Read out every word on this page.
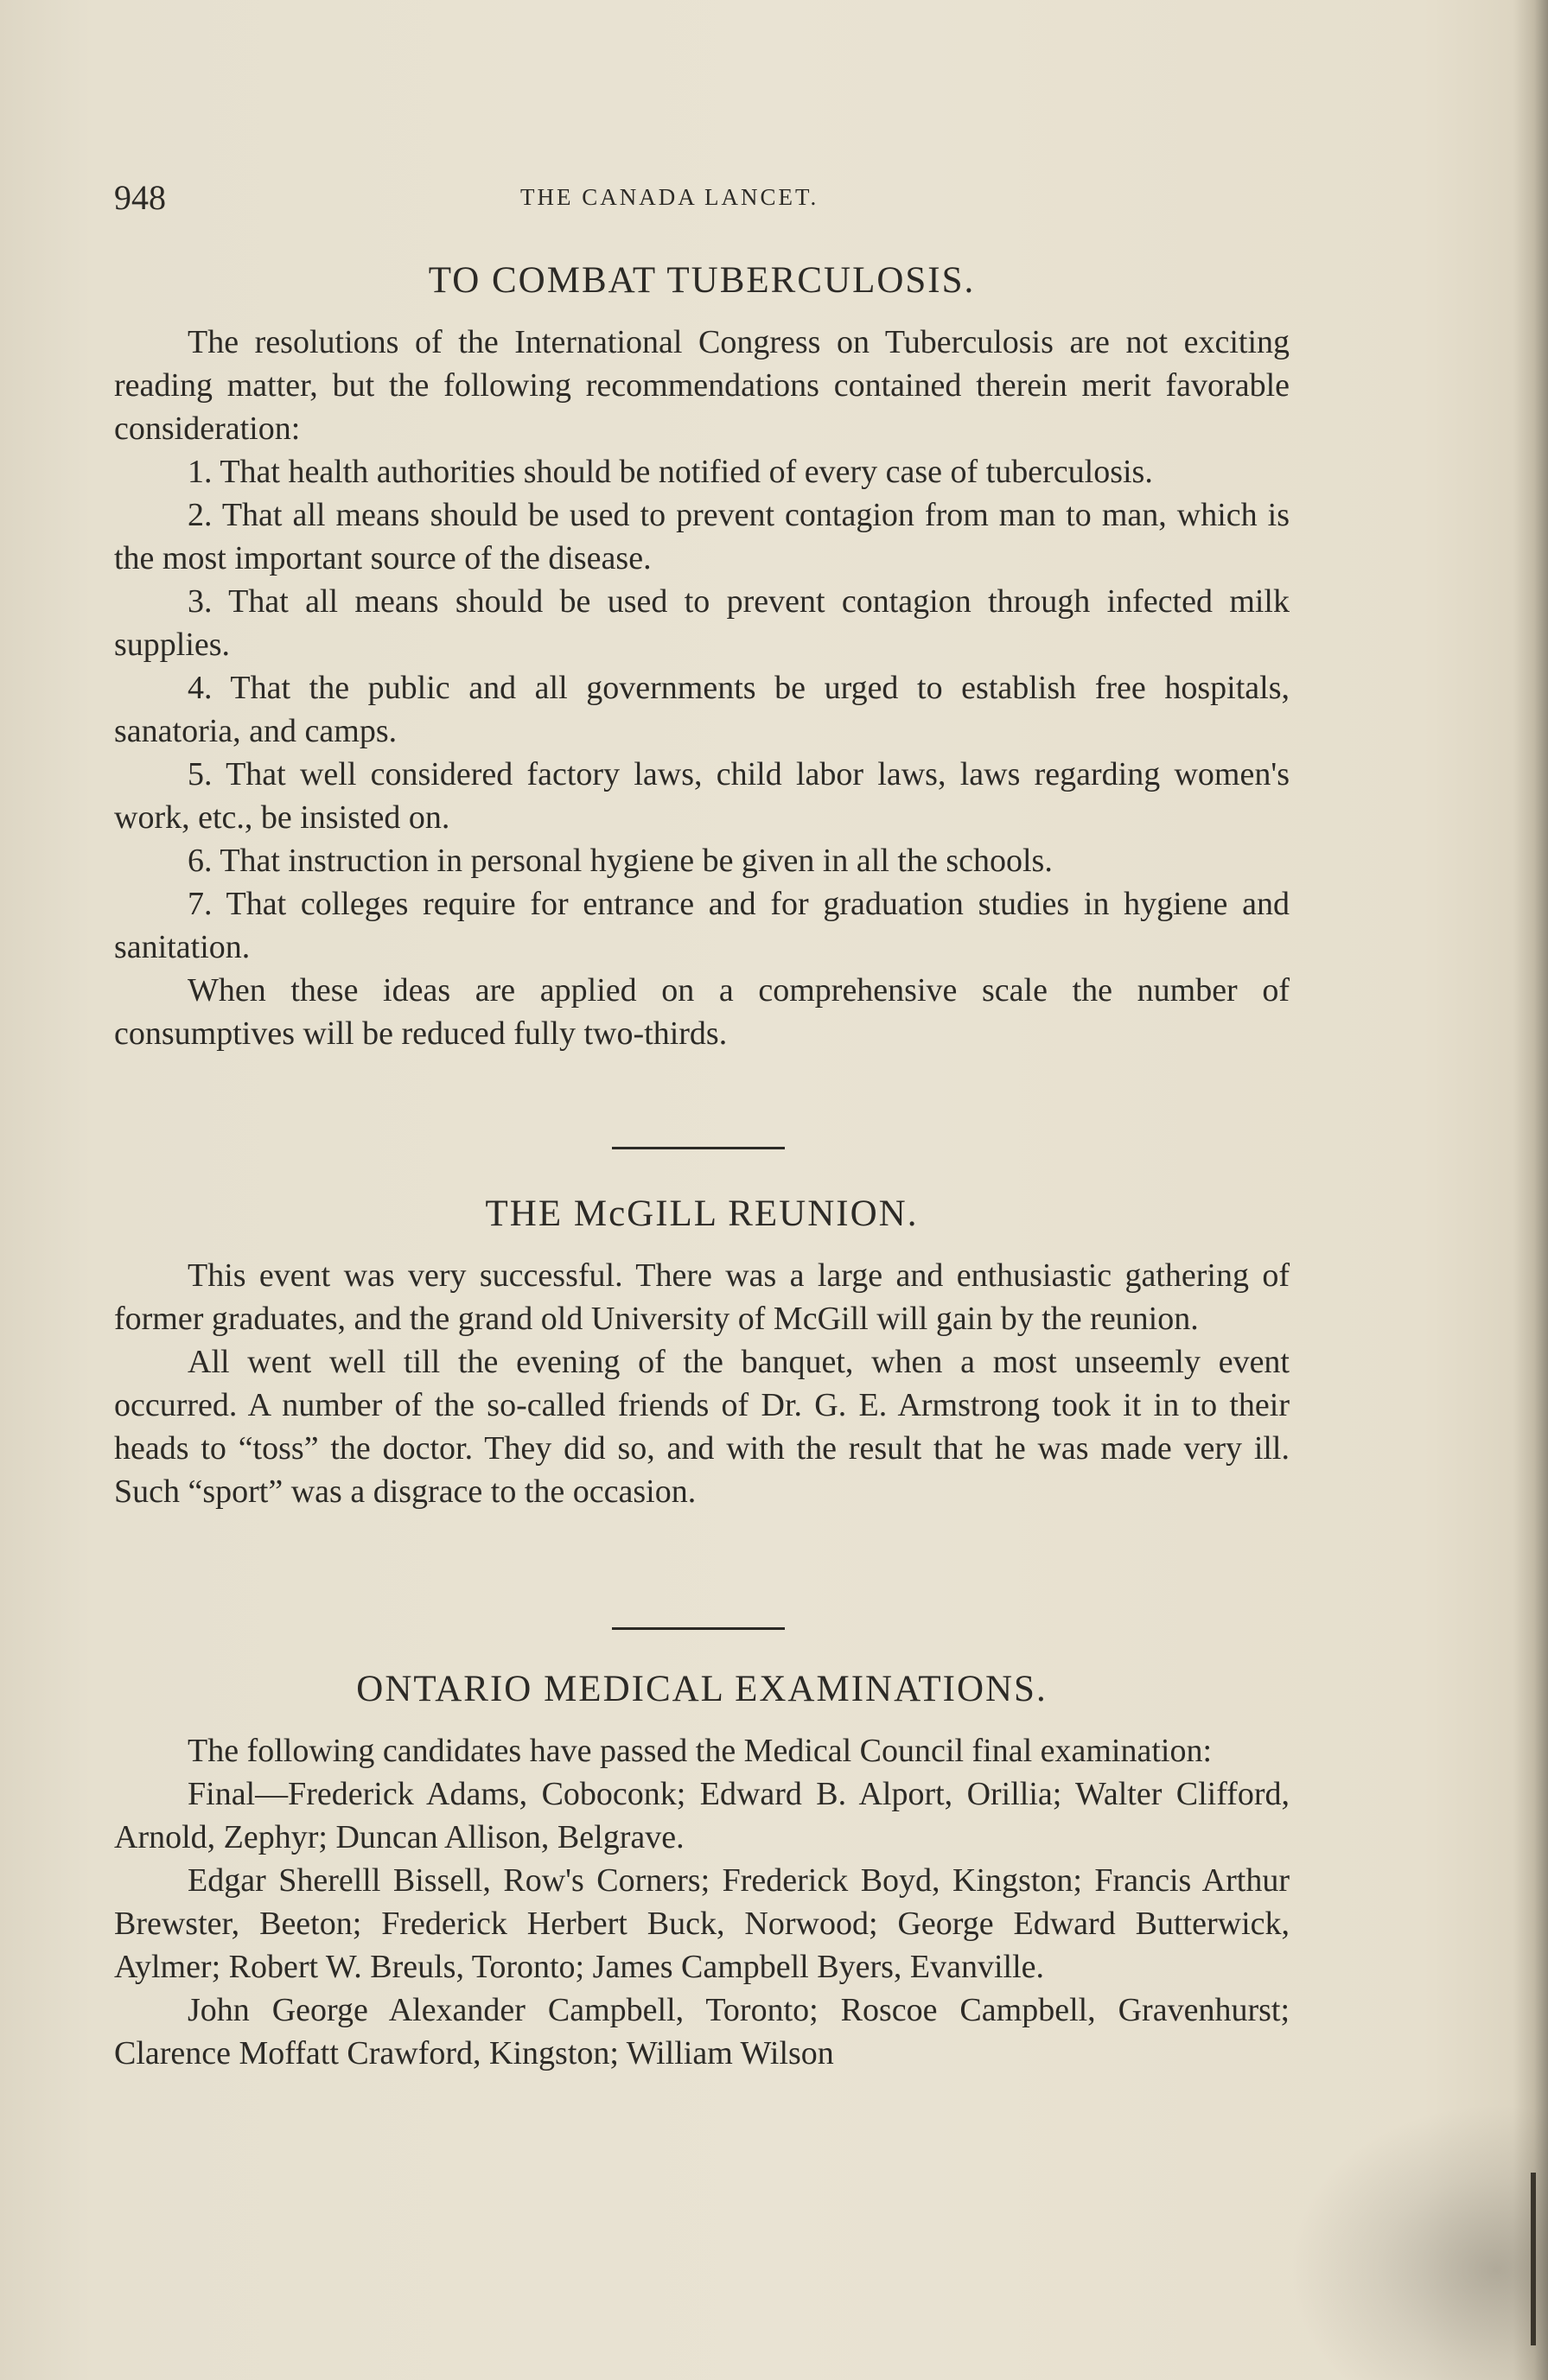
948	THE CANADA LANCET.
TO COMBAT TUBERCULOSIS.

The resolutions of the International Congress on Tuberculosis are not exciting reading matter, but the following recommendations contained therein merit favorable consideration:

1. That health authorities should be notified of every case of tuberculosis.

2. That all means should be used to prevent contagion from man to man, which is the most important source of the disease.

3. That all means should be used to prevent contagion through infected milk supplies.

4. That the public and all governments be urged to establish free hospitals, sanatoria, and camps.

5. That well considered factory laws, child labor laws, laws regarding women's work, etc., be insisted on.

6. That instruction in personal hygiene be given in all the schools.

7. That colleges require for entrance and for graduation studies in hygiene and sanitation.

When these ideas are applied on a comprehensive scale the number of consumptives will be reduced fully two-thirds.

THE McGILL REUNION.

This event was very successful. There was a large and enthusiastic gathering of former graduates, and the grand old University of McGill will gain by the reunion.

All went well till the evening of the banquet, when a most unseemly event occurred. A number of the so-called friends of Dr. G. E. Armstrong took it in to their heads to “toss” the doctor. They did so, and with the result that he was made very ill. Such “sport” was a disgrace to the occasion.

ONTARIO MEDICAL EXAMINATIONS.

The following candidates have passed the Medical Council final examination:

Final—Frederick Adams, Coboconk; Edward B. Alport, Orillia; Walter Clifford, Arnold, Zephyr; Duncan Allison, Belgrave.

Edgar Sherelll Bissell, Row's Corners; Frederick Boyd, Kingston; Francis Arthur Brewster, Beeton; Frederick Herbert Buck, Norwood; George Edward Butterwick, Aylmer; Robert W. Breuls, Toronto; James Campbell Byers, Evanville.

John George Alexander Campbell, Toronto; Roscoe Campbell, Gravenhurst; Clarence Moffatt Crawford, Kingston; William Wilson
